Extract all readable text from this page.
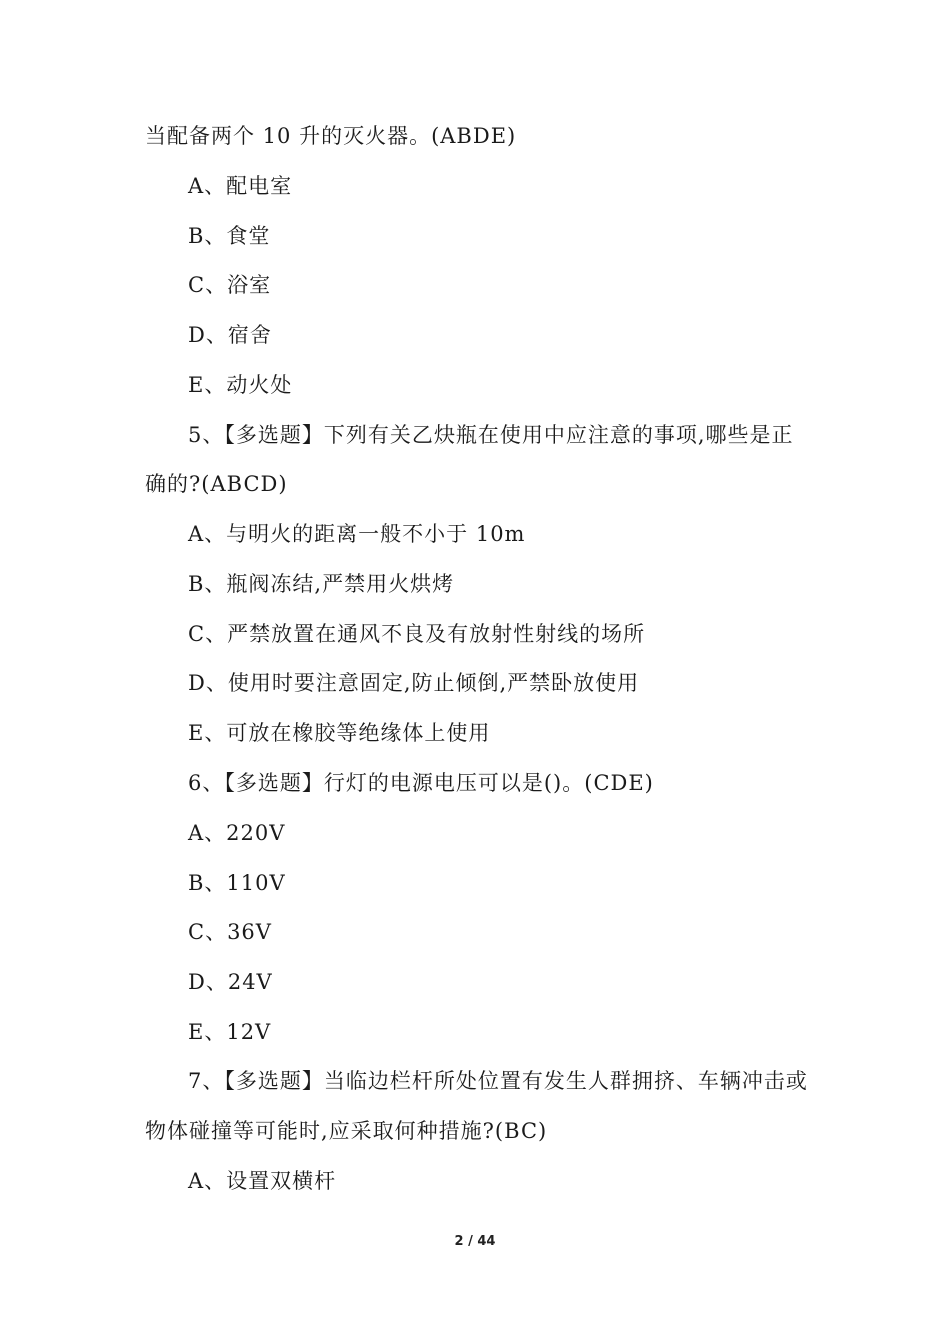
当配备两个 10 升的灭火器。(ABDE)
A、配电室
B、食堂
C、浴室
D、宿舍
E、动火处
5、【多选题】下列有关乙炔瓶在使用中应注意的事项,哪些是正
确的?(ABCD)
A、与明火的距离一般不小于 10m
B、瓶阀冻结,严禁用火烘烤
C、严禁放置在通风不良及有放射性射线的场所
D、使用时要注意固定,防止倾倒,严禁卧放使用
E、可放在橡胶等绝缘体上使用
6、【多选题】行灯的电源电压可以是()。(CDE)
A、220V
B、110V
C、36V
D、24V
E、12V
7、【多选题】当临边栏杆所处位置有发生人群拥挤、车辆冲击或
物体碰撞等可能时,应采取何种措施?(BC)
A、设置双横杆
2 / 44
